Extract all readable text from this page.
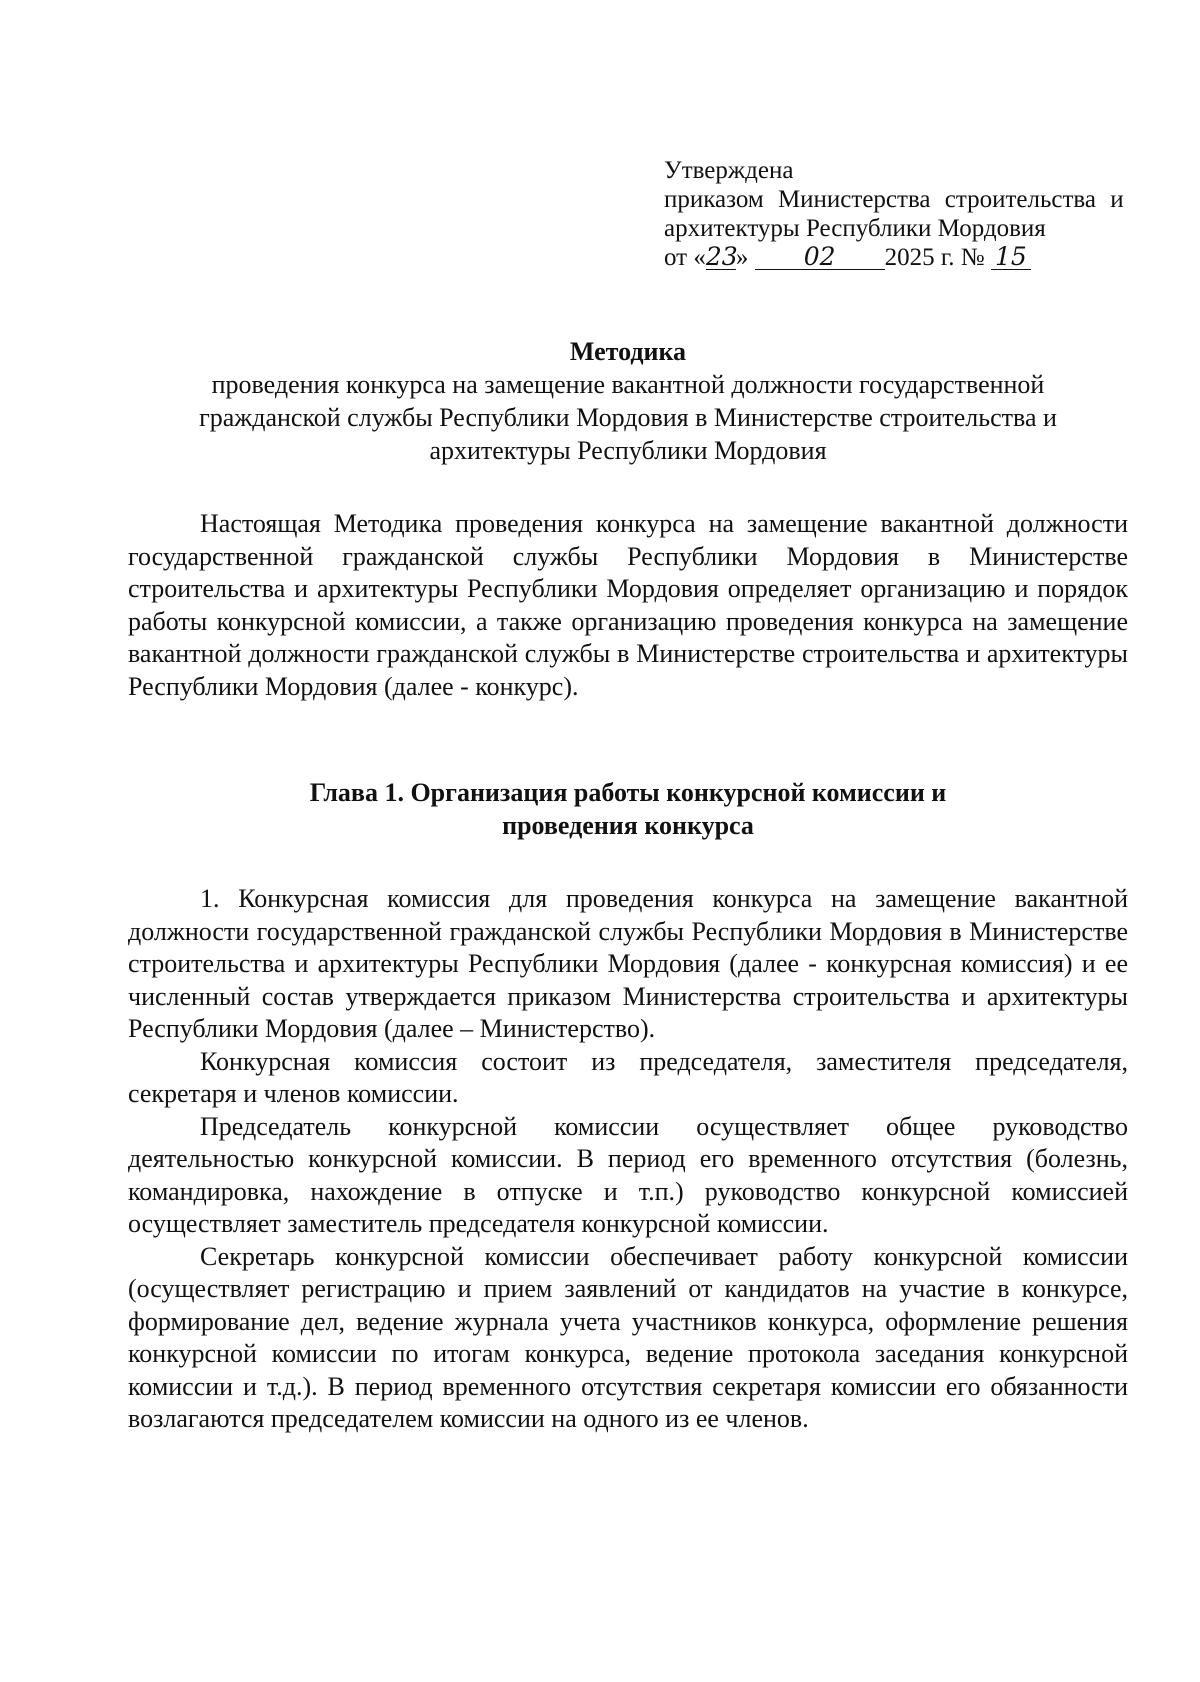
Утверждена
приказом Министерства строительства и
архитектуры Республики Мордовия
от «23» 02 2025 г. № 15
Методика
проведения конкурса на замещение вакантной должности государственной
гражданской службы Республики Мордовия в Министерстве строительства и
архитектуры Республики Мордовия

Настоящая Методика проведения конкурса на замещение вакантной должности государственной гражданской службы Республики Мордовия в Министерстве строительства и архитектуры Республики Мордовия определяет организацию и порядок работы конкурсной комиссии, а также организацию проведения конкурса на замещение вакантной должности гражданской службы в Министерстве строительства и архитектуры Республики Мордовия (далее - конкурс).

Глава 1. Организация работы конкурсной комиссии и
проведения конкурса

1. Конкурсная комиссия для проведения конкурса на замещение вакантной должности государственной гражданской службы Республики Мордовия в Министерстве строительства и архитектуры Республики Мордовия (далее - конкурсная комиссия) и ее численный состав утверждается приказом Министерства строительства и архитектуры Республики Мордовия (далее – Министерство).

Конкурсная комиссия состоит из председателя, заместителя председателя, секретаря и членов комиссии.

Председатель конкурсной комиссии осуществляет общее руководство деятельностью конкурсной комиссии. В период его временного отсутствия (болезнь, командировка, нахождение в отпуске и т.п.) руководство конкурсной комиссией осуществляет заместитель председателя конкурсной комиссии.

Секретарь конкурсной комиссии обеспечивает работу конкурсной комиссии (осуществляет регистрацию и прием заявлений от кандидатов на участие в конкурсе, формирование дел, ведение журнала учета участников конкурса, оформление решения конкурсной комиссии по итогам конкурса, ведение протокола заседания конкурсной комиссии и т.д.). В период временного отсутствия секретаря комиссии его обязанности возлагаются председателем комиссии на одного из ее членов.
